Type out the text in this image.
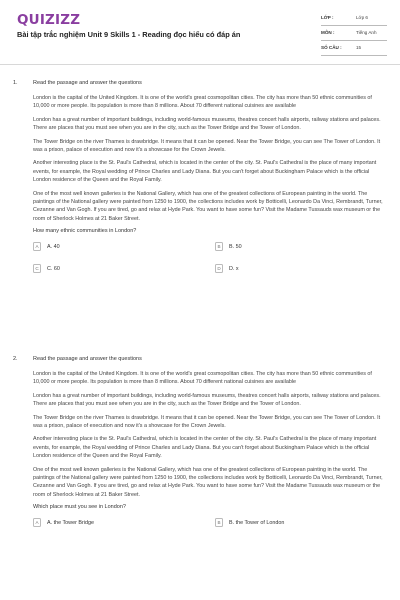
QUIZIZZ
Bài tập trắc nghiệm Unit 9 Skills 1 - Reading đọc hiểu có đáp án
LỚP :	Lớp 6
MÔN :	Tiếng Anh
SỐ CÂU :	15
1.	Read the passage and answer the questions

London is the capital of the United Kingdom. It is one of the world's great cosmopolitan cities. The city has more than 50 ethnic communities of 10,000 or more people. Its population is more than 8 millions. About 70 different national cuisines are available

London has a great number of important buildings, including world-famous museums, theatres concert halls airports, railway stations and palaces. There are places that you must see when you are in the city, such as the Tower Bridge and the Tower of London.

The Tower Bridge on the river Thames is drawbridge. It means that it can be opened. Near the Tower Bridge, you can see The Tower of London. It was a prison, palace of execution and now it's a showcase for the Crown Jewels.

Another interesting place is the St. Paul's Cathedral, which is located in the center of the city. St. Paul's Cathedral is the place of many important events, for example, the Royal wedding of Prince Charles and Lady Diana. But you can't forget about Buckingham Palace which is the official London residence of the Queen and the Royal Family.

One of the most well known galleries is the National Gallery, which has one of the greatest collections of European painting in the world. The paintings of the National gallery were painted from 1250 to 1900, the collections includes work by Botticelli, Leonardo Da Vinci, Rembrandt, Turner, Cezanne and Van Gogh. If you are tired, go and relax at Hyde Park. You want to have some fun? Visit the Madame Tussauds wax museum or the room of Sherlock Holmes at 21 Baker Street.

How many ethnic communities in London?
A	A. 40	B	B. 50
C	C. 60	D	D. x
2.	Read the passage and answer the questions

London is the capital of the United Kingdom. It is one of the world's great cosmopolitan cities. The city has more than 50 ethnic communities of 10,000 or more people. Its population is more than 8 millions. About 70 different national cuisines are available

London has a great number of important buildings, including world-famous museums, theatres concert halls airports, railway stations and palaces. There are places that you must see when you are in the city, such as the Tower Bridge and the Tower of London.

The Tower Bridge on the river Thames is drawbridge. It means that it can be opened. Near the Tower Bridge, you can see The Tower of London. It was a prison, palace of execution and now it's a showcase for the Crown Jewels.

Another interesting place is the St. Paul's Cathedral, which is located in the center of the city. St. Paul's Cathedral is the place of many important events, for example, the Royal wedding of Prince Charles and Lady Diana. But you can't forget about Buckingham Palace which is the official London residence of the Queen and the Royal Family.

One of the most well known galleries is the National Gallery, which has one of the greatest collections of European painting in the world. The paintings of the National gallery were painted from 1250 to 1900, the collections includes work by Botticelli, Leonardo Da Vinci, Rembrandt, Turner, Cezanne and Van Gogh. If you are tired, go and relax at Hyde Park. You want to have some fun? Visit the Madame Tussauds wax museum or the room of Sherlock Holmes at 21 Baker Street.

Which place must you see in London?
A	A. the Tower Bridge	B	B. the Tower of London
